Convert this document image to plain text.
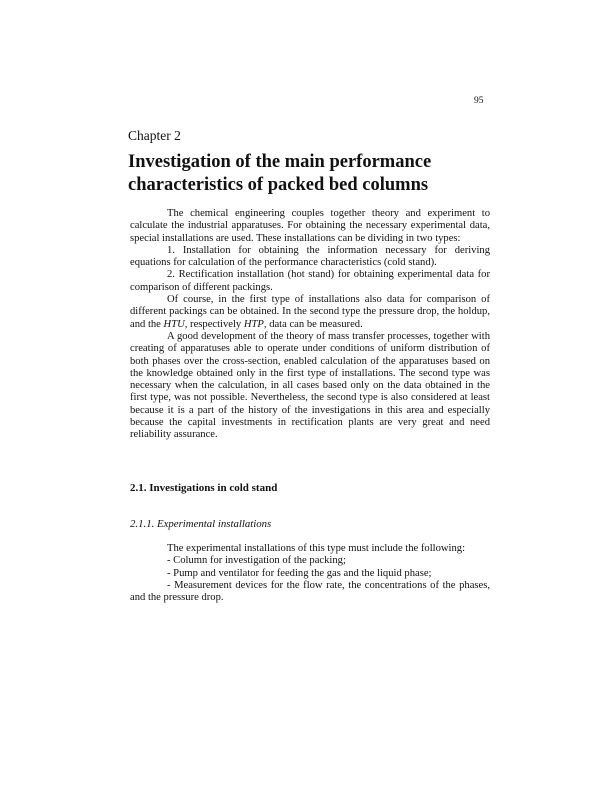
95
Chapter 2
Investigation of the main performance characteristics of packed bed columns

The chemical engineering couples together theory and experiment to calculate the industrial apparatuses. For obtaining the necessary experimental data, special installations are used. These installations can be dividing in two types:

1. Installation for obtaining the information necessary for deriving equations for calculation of the performance characteristics (cold stand).

2. Rectification installation (hot stand) for obtaining experimental data for comparison of different packings.

Of course, in the first type of installations also data for comparison of different packings can be obtained. In the second type the pressure drop, the holdup, and the HTU, respectively HTP, data can be measured.

A good development of the theory of mass transfer processes, together with creating of apparatuses able to operate under conditions of uniform distribution of both phases over the cross-section, enabled calculation of the apparatuses based on the knowledge obtained only in the first type of installations. The second type was necessary when the calculation, in all cases based only on the data obtained in the first type, was not possible. Nevertheless, the second type is also considered at least because it is a part of the history of the investigations in this area and especially because the capital investments in rectification plants are very great and need reliability assurance.

2.1. Investigations in cold stand
2.1.1. Experimental installations

The experimental installations of this type must include the following:

- Column for investigation of the packing;

- Pump and ventilator for feeding the gas and the liquid phase;

- Measurement devices for the flow rate, the concentrations of the phases, and the pressure drop.
